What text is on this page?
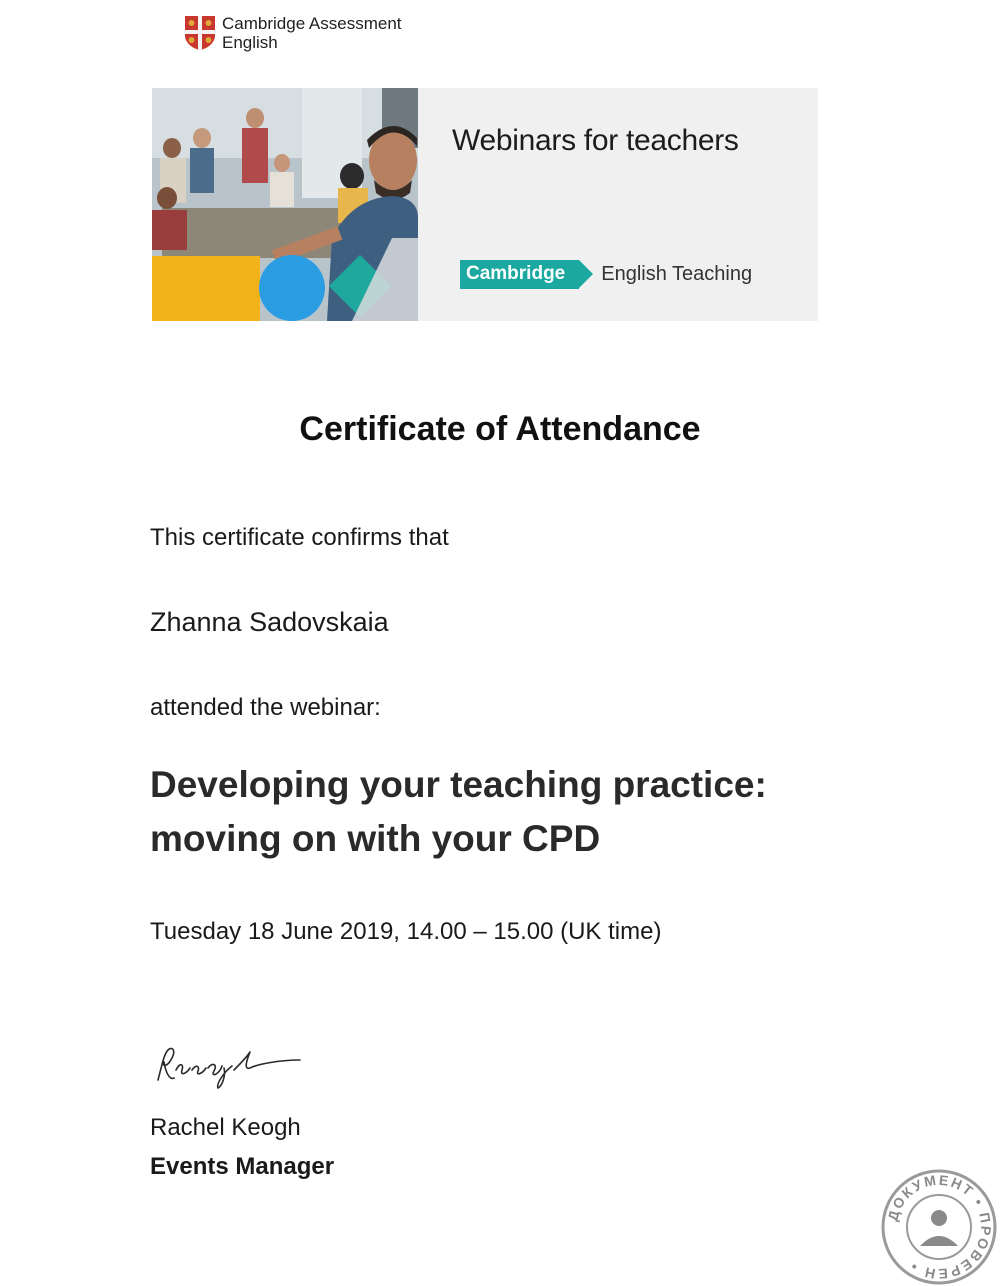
Cambridge Assessment
English
Webinars for teachers
Cambridge	English Teaching
Certificate of Attendance
This certificate confirms that
Zhanna Sadovskaia
attended the webinar:
Developing your teaching practice:
moving on with your CPD
Tuesday 18 June 2019, 14.00 – 15.00 (UK time)
Rachel Keogh
Events Manager
ДОКУМЕНТ • ПРОВЕРЕН •
